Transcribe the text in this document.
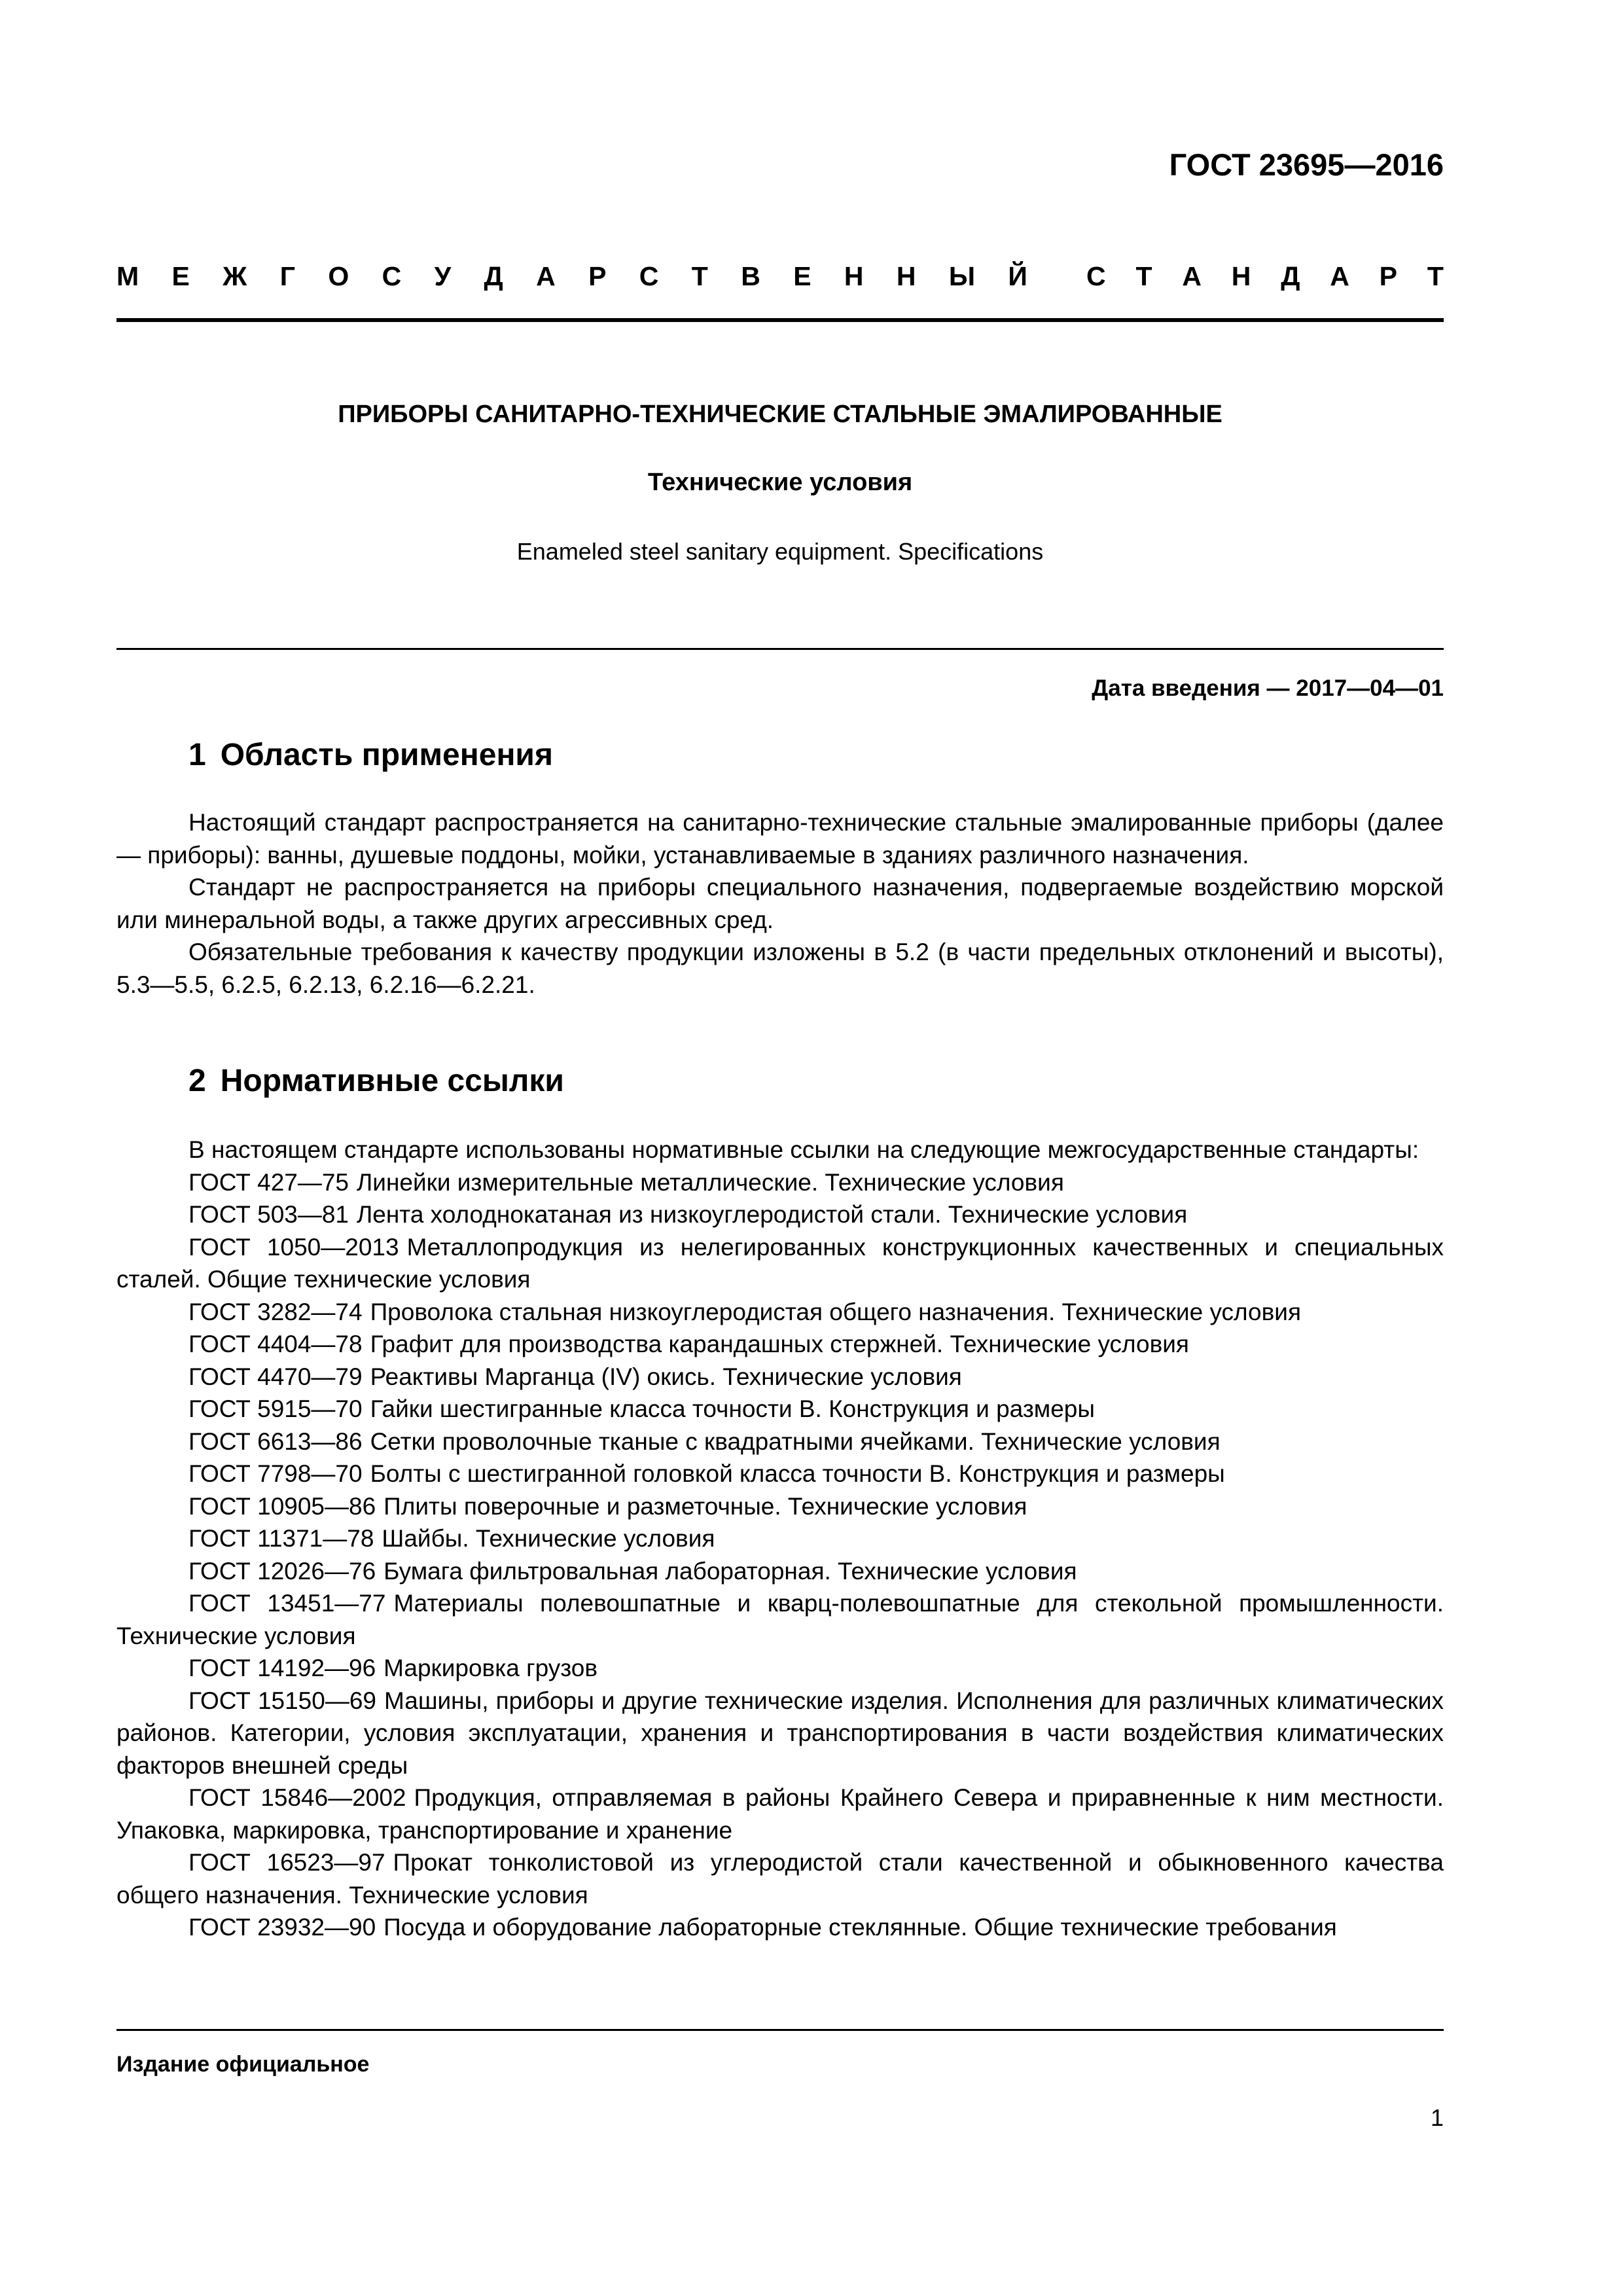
ГОСТ 23695—2016
М Е Ж Г О С У Д А Р С Т В Е Н Н Ы Й С Т А Н Д А Р Т
ПРИБОРЫ САНИТАРНО-ТЕХНИЧЕСКИЕ СТАЛЬНЫЕ ЭМАЛИРОВАННЫЕ
Технические условия
Enameled steel sanitary equipment. Specifications
Дата введения — 2017—04—01
1 Область применения

Настоящий стандарт распространяется на санитарно-технические стальные эмалированные приборы (далее — приборы): ванны, душевые поддоны, мойки, устанавливаемые в зданиях различного назначения.

Стандарт не распространяется на приборы специального назначения, подвергаемые воздействию морской или минеральной воды, а также других агрессивных сред.

Обязательные требования к качеству продукции изложены в 5.2 (в части предельных отклонений и высоты), 5.3—5.5, 6.2.5, 6.2.13, 6.2.16—6.2.21.

2 Нормативные ссылки

В настоящем стандарте использованы нормативные ссылки на следующие межгосударственные стандарты:

ГОСТ 427—75 Линейки измерительные металлические. Технические условия
ГОСТ 503—81 Лента холоднокатаная из низкоуглеродистой стали. Технические условия
ГОСТ 1050—2013 Металлопродукция из нелегированных конструкционных качественных и специальных сталей. Общие технические условия
ГОСТ 3282—74 Проволока стальная низкоуглеродистая общего назначения. Технические условия
ГОСТ 4404—78 Графит для производства карандашных стержней. Технические условия
ГОСТ 4470—79 Реактивы Марганца (IV) окись. Технические условия
ГОСТ 5915—70 Гайки шестигранные класса точности В. Конструкция и размеры
ГОСТ 6613—86 Сетки проволочные тканые с квадратными ячейками. Технические условия
ГОСТ 7798—70 Болты с шестигранной головкой класса точности В. Конструкция и размеры
ГОСТ 10905—86 Плиты поверочные и разметочные. Технические условия
ГОСТ 11371—78 Шайбы. Технические условия
ГОСТ 12026—76 Бумага фильтровальная лабораторная. Технические условия
ГОСТ 13451—77 Материалы полевошпатные и кварц-полевошпатные для стекольной промышленности. Технические условия
ГОСТ 14192—96 Маркировка грузов
ГОСТ 15150—69 Машины, приборы и другие технические изделия. Исполнения для различных климатических районов. Категории, условия эксплуатации, хранения и транспортирования в части воздействия климатических факторов внешней среды
ГОСТ 15846—2002 Продукция, отправляемая в районы Крайнего Севера и приравненные к ним местности. Упаковка, маркировка, транспортирование и хранение
ГОСТ 16523—97 Прокат тонколистовой из углеродистой стали качественной и обыкновенного качества общего назначения. Технические условия
ГОСТ 23932—90 Посуда и оборудование лабораторные стеклянные. Общие технические требования
Издание официальное
1
